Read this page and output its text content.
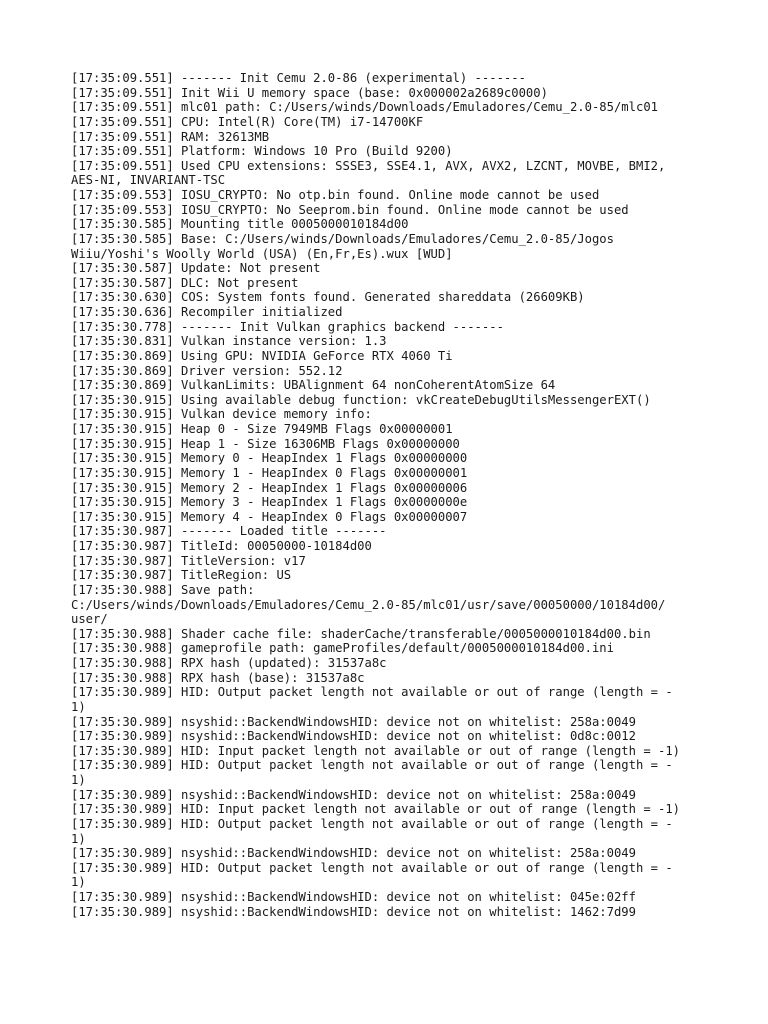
[17:35:09.551] ------- Init Cemu 2.0-86 (experimental) -------
[17:35:09.551] Init Wii U memory space (base: 0x000002a2689c0000)
[17:35:09.551] mlc01 path: C:/Users/winds/Downloads/Emuladores/Cemu_2.0-85/mlc01
[17:35:09.551] CPU: Intel(R) Core(TM) i7-14700KF
[17:35:09.551] RAM: 32613MB
[17:35:09.551] Platform: Windows 10 Pro (Build 9200)
[17:35:09.551] Used CPU extensions: SSSE3, SSE4.1, AVX, AVX2, LZCNT, MOVBE, BMI2,
AES-NI, INVARIANT-TSC
[17:35:09.553] IOSU_CRYPTO: No otp.bin found. Online mode cannot be used
[17:35:09.553] IOSU_CRYPTO: No Seeprom.bin found. Online mode cannot be used
[17:35:30.585] Mounting title 0005000010184d00
[17:35:30.585] Base: C:/Users/winds/Downloads/Emuladores/Cemu_2.0-85/Jogos
Wiiu/Yoshi's Woolly World (USA) (En,Fr,Es).wux [WUD]
[17:35:30.587] Update: Not present
[17:35:30.587] DLC: Not present
[17:35:30.630] COS: System fonts found. Generated shareddata (26609KB)
[17:35:30.636] Recompiler initialized
[17:35:30.778] ------- Init Vulkan graphics backend -------
[17:35:30.831] Vulkan instance version: 1.3
[17:35:30.869] Using GPU: NVIDIA GeForce RTX 4060 Ti
[17:35:30.869] Driver version: 552.12
[17:35:30.869] VulkanLimits: UBAlignment 64 nonCoherentAtomSize 64
[17:35:30.915] Using available debug function: vkCreateDebugUtilsMessengerEXT()
[17:35:30.915] Vulkan device memory info:
[17:35:30.915] Heap 0 - Size 7949MB Flags 0x00000001
[17:35:30.915] Heap 1 - Size 16306MB Flags 0x00000000
[17:35:30.915] Memory 0 - HeapIndex 1 Flags 0x00000000
[17:35:30.915] Memory 1 - HeapIndex 0 Flags 0x00000001
[17:35:30.915] Memory 2 - HeapIndex 1 Flags 0x00000006
[17:35:30.915] Memory 3 - HeapIndex 1 Flags 0x0000000e
[17:35:30.915] Memory 4 - HeapIndex 0 Flags 0x00000007
[17:35:30.987] ------- Loaded title -------
[17:35:30.987] TitleId: 00050000-10184d00
[17:35:30.987] TitleVersion: v17
[17:35:30.987] TitleRegion: US
[17:35:30.988] Save path:
C:/Users/winds/Downloads/Emuladores/Cemu_2.0-85/mlc01/usr/save/00050000/10184d00/
user/
[17:35:30.988] Shader cache file: shaderCache/transferable/0005000010184d00.bin
[17:35:30.988] gameprofile path: gameProfiles/default/0005000010184d00.ini
[17:35:30.988] RPX hash (updated): 31537a8c
[17:35:30.988] RPX hash (base): 31537a8c
[17:35:30.989] HID: Output packet length not available or out of range (length = -
1)
[17:35:30.989] nsyshid::BackendWindowsHID: device not on whitelist: 258a:0049
[17:35:30.989] nsyshid::BackendWindowsHID: device not on whitelist: 0d8c:0012
[17:35:30.989] HID: Input packet length not available or out of range (length = -1)
[17:35:30.989] HID: Output packet length not available or out of range (length = -
1)
[17:35:30.989] nsyshid::BackendWindowsHID: device not on whitelist: 258a:0049
[17:35:30.989] HID: Input packet length not available or out of range (length = -1)
[17:35:30.989] HID: Output packet length not available or out of range (length = -
1)
[17:35:30.989] nsyshid::BackendWindowsHID: device not on whitelist: 258a:0049
[17:35:30.989] HID: Output packet length not available or out of range (length = -
1)
[17:35:30.989] nsyshid::BackendWindowsHID: device not on whitelist: 045e:02ff
[17:35:30.989] nsyshid::BackendWindowsHID: device not on whitelist: 1462:7d99
